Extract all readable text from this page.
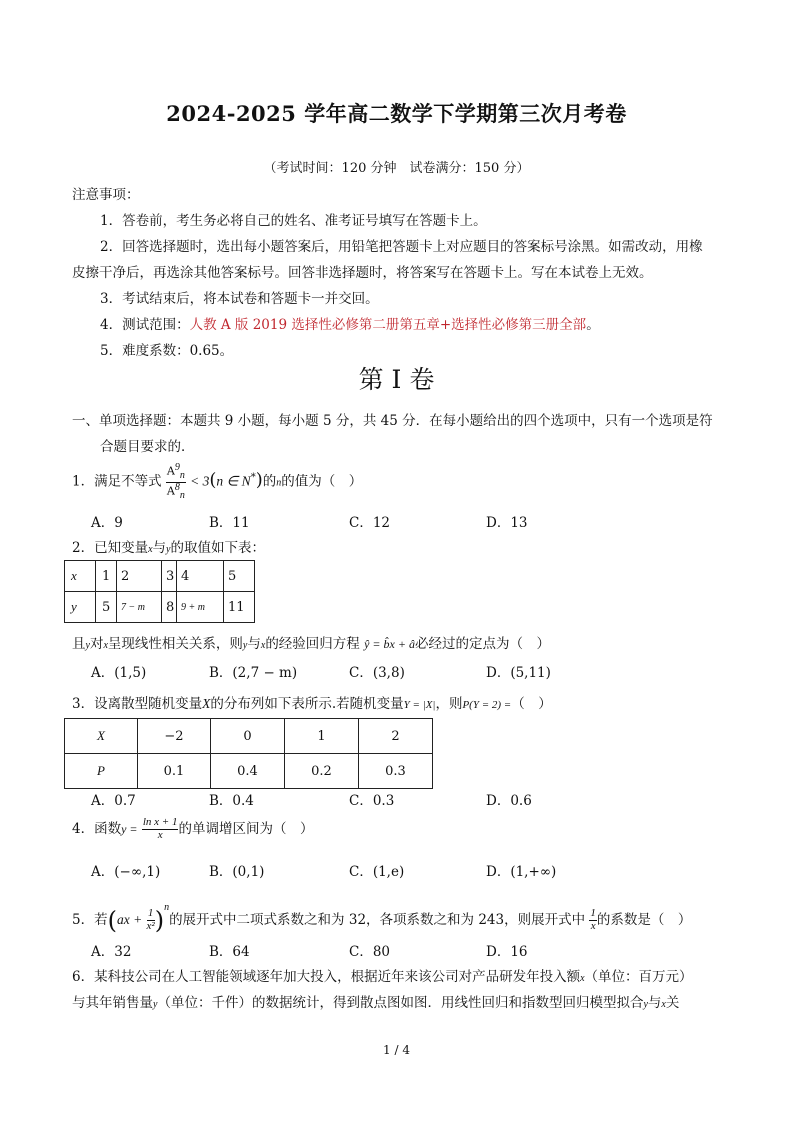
2024-2025 学年高二数学下学期第三次月考卷
（考试时间：120 分钟　试卷满分：150 分）
注意事项：
1．答卷前，考生务必将自己的姓名、准考证号填写在答题卡上。
2．回答选择题时，选出每小题答案后，用铅笔把答题卡上对应题目的答案标号涂黑。如需改动，用橡
皮擦干净后，再选涂其他答案标号。回答非选择题时，将答案写在答题卡上。写在本试卷上无效。
3．考试结束后，将本试卷和答题卡一并交回。
4．测试范围：人教 A 版 2019 选择性必修第二册第五章+选择性必修第三册全部。
5．难度系数：0.65。
第 I 卷
一、单项选择题：本题共 9 小题，每小题 5 分，共 45 分．在每小题给出的四个选项中，只有一个选项是符
合题目要求的．
1．满足不等式 $\frac{A^9_n}{A^8_n} < 3(n$ ∈ N*)的n的值为（　）
A．9	B．11	C．12	D．13
2．已知变量x与y的取值如下表：
x	1	2	3	4	5
y	5	7 − m	8	9 + m	11
且y对x呈现线性相关关系，则y与x的经验回归方程 ŷ = b̂x + â必经过的定点为（　）
A．(1,5)	B．(2,7 − m)	C．(3,8)	D．(5,11)
3．设离散型随机变量X的分布列如下表所示.若随机变量Y = |X|，则P(Y = 2) =（　）
X	−2	0	1	2
P	0.1	0.4	0.2	0.3
A．0.7	B．0.4	C．0.3	D．0.6
4．函数$y = \frac{\text{ln x + 1}}{x}$ 的单调增区间为（　）
A．(−∞,1)	B．(0,1)	C．(1,e)	D．(1,+∞)
5．若$(ax + \frac{1}{\text{x²}} )^n$的展开式中二项式系数之和为 32，各项系数之和为 243，则展开式中 $\frac{1}{x}$ 的系数是（　）
A．32	B．64	C．80	D．16
6．某科技公司在人工智能领域逐年加大投入，根据近年来该公司对产品研发年投入额x（单位：百万元）
与其年销售量y（单位：千件）的数据统计，得到散点图如图．用线性回归和指数型回归模型拟合y与x关
1 / 4
